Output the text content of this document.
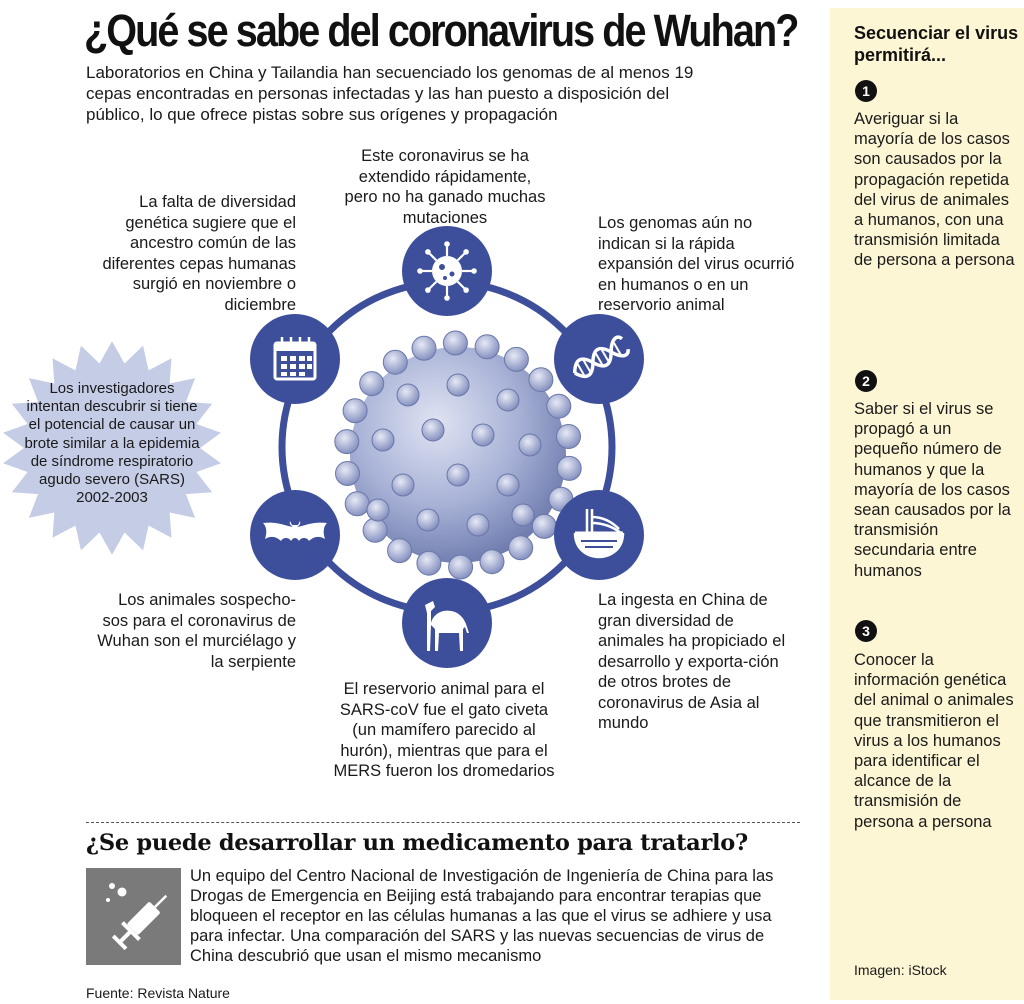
¿Qué se sabe del coronavirus de Wuhan?
Laboratorios en China y Tailandia han secuenciado los genomas de al menos 19 cepas encontradas en personas infectadas y las han puesto a disposición del público, lo que ofrece pistas sobre sus orígenes y propagación
Este coronavirus se ha extendido rápidamente, pero no ha ganado muchas mutaciones
La falta de diversidad genética sugiere que el ancestro común de las diferentes cepas humanas surgió en noviembre o diciembre
Los genomas aún no indican si la rápida expansión del virus ocurrió en humanos o en un reservorio animal
Los animales sospecho-sos para el coronavirus de Wuhan son el murciélago y la serpiente
La ingesta en China de gran diversidad de animales ha propiciado el desarrollo y exporta-ción de otros brotes de coronavirus de Asia al mundo
El reservorio animal para el SARS-coV fue el gato civeta (un mamífero parecido al hurón), mientras que para el MERS fueron los dromedarios
Los investigadores intentan descubrir si tiene el potencial de causar un brote similar a la epidemia de síndrome respiratorio agudo severo (SARS) 2002-2003
¿Se puede desarrollar un medicamento para tratarlo?
Un equipo del Centro Nacional de Investigación de Ingeniería de China para las Drogas de Emergencia en Beijing está trabajando para encontrar terapias que bloqueen el receptor en las células humanas a las que el virus se adhiere y usa para infectar. Una comparación del SARS y las nuevas secuencias de virus de China descubrió que usan el mismo mecanismo
Fuente: Revista Nature
Secuenciar el virus permitirá...
1
Averiguar si la mayoría de los casos son causados por la propagación repetida del virus de animales a humanos, con una transmisión limitada de persona a persona
2
Saber si el virus se propagó a un pequeño número de humanos y que la mayoría de los casos sean causados por la transmisión secundaria entre humanos
3
Conocer la información genética del animal o animales que transmitieron el virus a los humanos para identificar el alcance de la transmisión de persona a persona
Imagen: iStock
